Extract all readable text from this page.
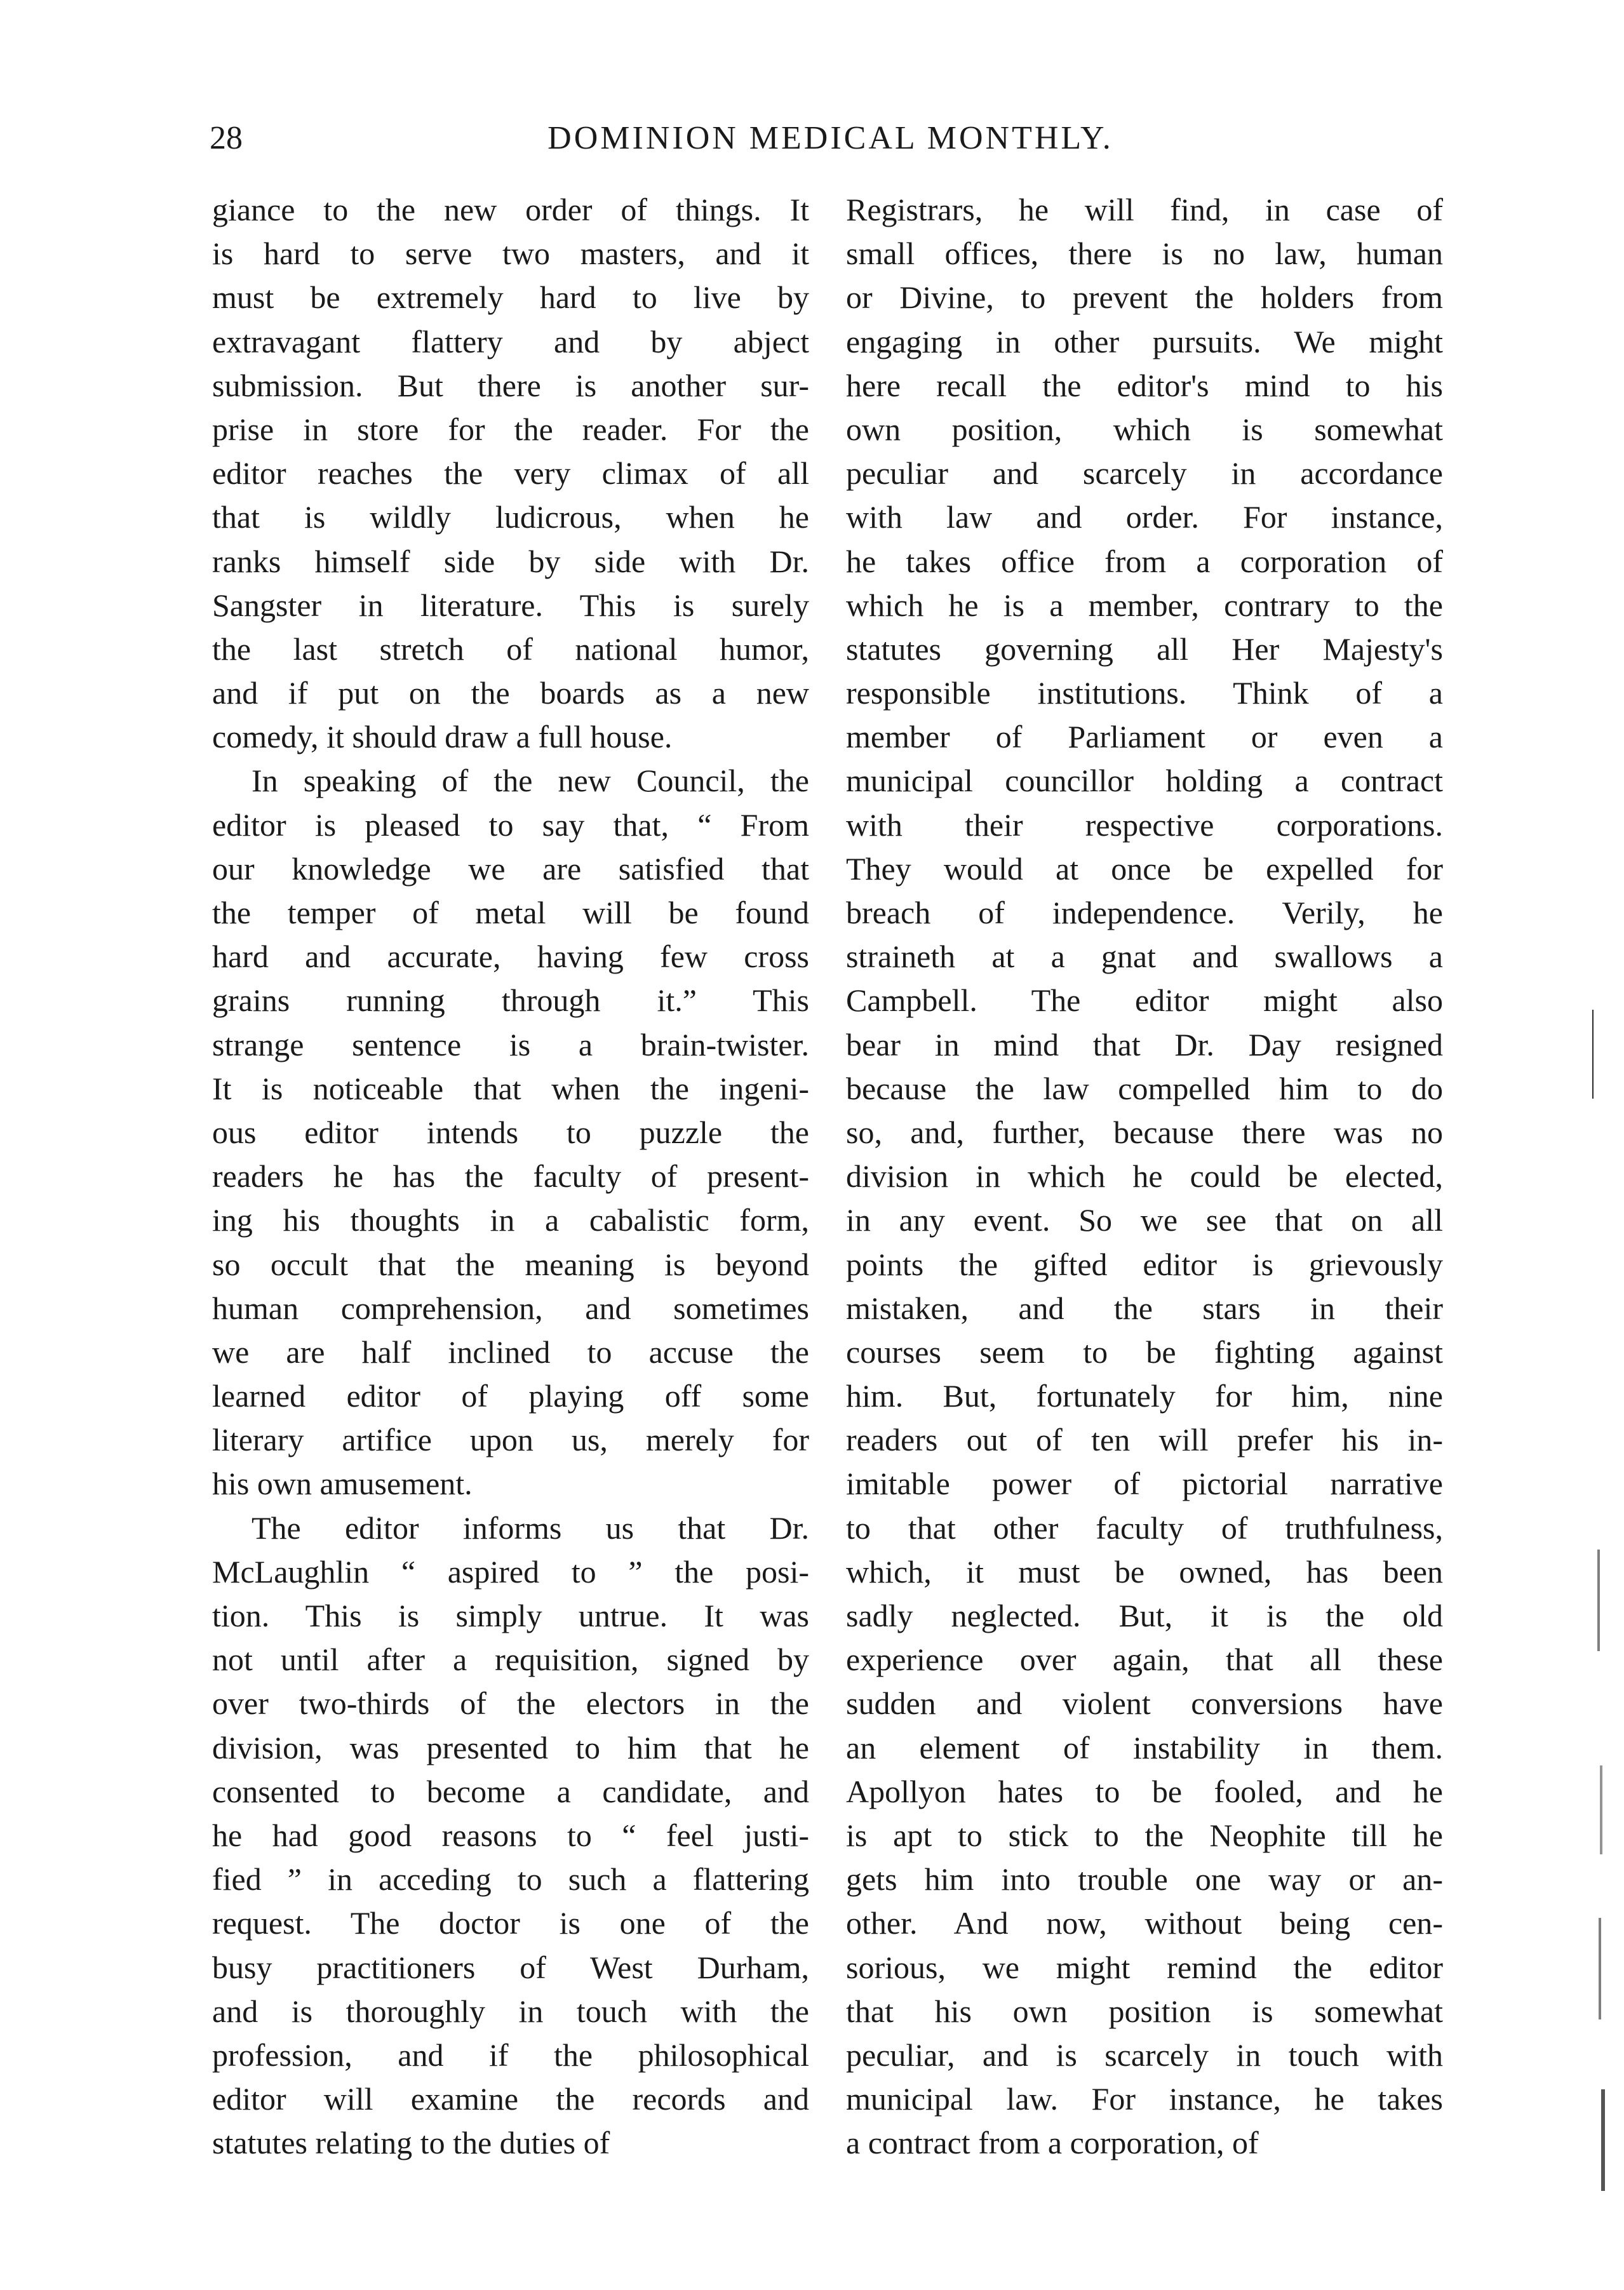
28	DOMINION MEDICAL MONTHLY.
giance to the new order of things. It
is hard to serve two masters, and it
must be extremely hard to live by
extravagant flattery and by abject
submission. But there is another sur-
prise in store for the reader. For the
editor reaches the very climax of all
that is wildly ludicrous, when he
ranks himself side by side with Dr.
Sangster in literature. This is surely
the last stretch of national humor,
and if put on the boards as a new
comedy, it should draw a full house.
In speaking of the new Council, the
editor is pleased to say that, “ From
our knowledge we are satisfied that
the temper of metal will be found
hard and accurate, having few cross
grains running through it.” This
strange sentence is a brain-twister.
It is noticeable that when the ingeni-
ous editor intends to puzzle the
readers he has the faculty of present-
ing his thoughts in a cabalistic form,
so occult that the meaning is beyond
human comprehension, and sometimes
we are half inclined to accuse the
learned editor of playing off some
literary artifice upon us, merely for
his own amusement.
The editor informs us that Dr.
McLaughlin “ aspired to ” the posi-
tion. This is simply untrue. It was
not until after a requisition, signed by
over two-thirds of the electors in the
division, was presented to him that he
consented to become a candidate, and
he had good reasons to “ feel justi-
fied ” in acceding to such a flattering
request. The doctor is one of the
busy practitioners of West Durham,
and is thoroughly in touch with the
profession, and if the philosophical
editor will examine the records and
statutes relating to the duties of
Registrars, he will find, in case of
small offices, there is no law, human
or Divine, to prevent the holders from
engaging in other pursuits. We might
here recall the editor's mind to his
own position, which is somewhat
peculiar and scarcely in accordance
with law and order. For instance,
he takes office from a corporation of
which he is a member, contrary to the
statutes governing all Her Majesty's
responsible institutions. Think of a
member of Parliament or even a
municipal councillor holding a contract
with their respective corporations.
They would at once be expelled for
breach of independence. Verily, he
straineth at a gnat and swallows a
Campbell. The editor might also
bear in mind that Dr. Day resigned
because the law compelled him to do
so, and, further, because there was no
division in which he could be elected,
in any event. So we see that on all
points the gifted editor is grievously
mistaken, and the stars in their
courses seem to be fighting against
him. But, fortunately for him, nine
readers out of ten will prefer his in-
imitable power of pictorial narrative
to that other faculty of truthfulness,
which, it must be owned, has been
sadly neglected. But, it is the old
experience over again, that all these
sudden and violent conversions have
an element of instability in them.
Apollyon hates to be fooled, and he
is apt to stick to the Neophite till he
gets him into trouble one way or an-
other. And now, without being cen-
sorious, we might remind the editor
that his own position is somewhat
peculiar, and is scarcely in touch with
municipal law. For instance, he takes
a contract from a corporation, of
